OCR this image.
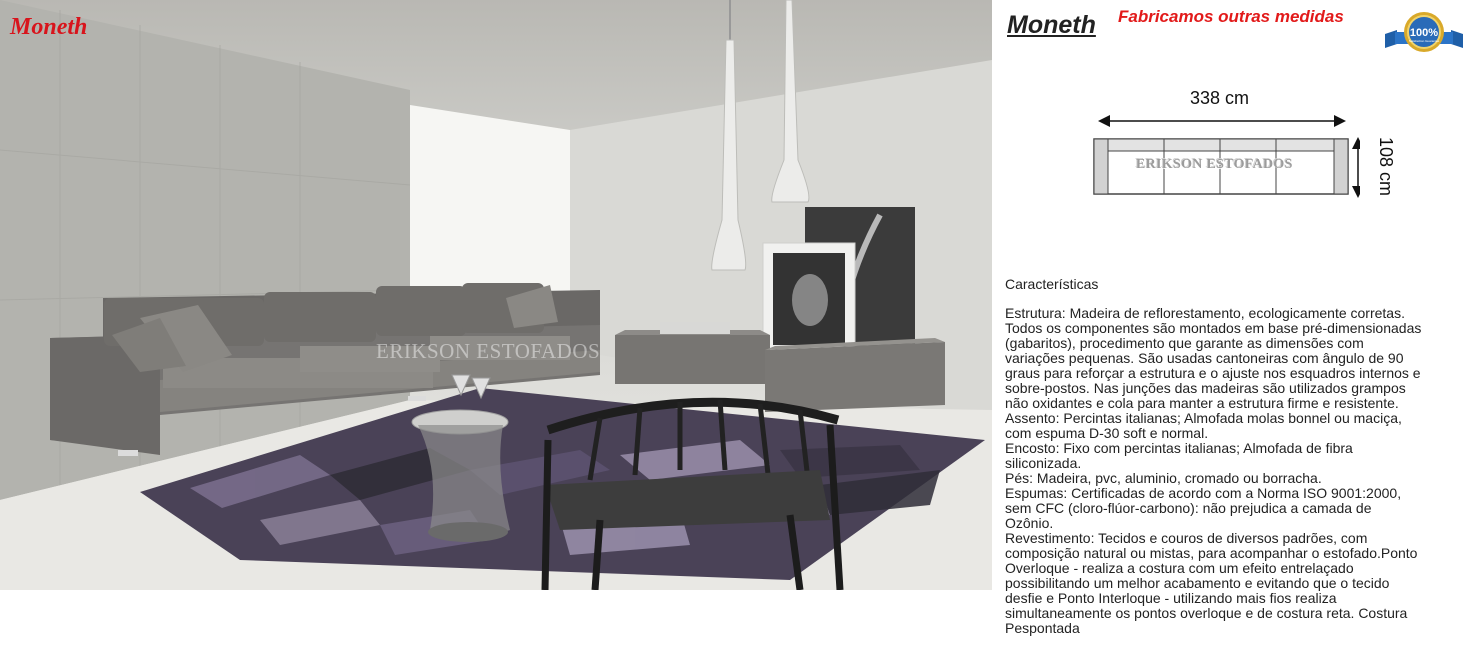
Moneth
ERIKSON ESTOFADOS
Moneth Fabricamos outras medidas
100%
Satisfaction Guarantee
338 cm
108 cm
ERIKSON ESTOFADOS
Características
Estrutura: Madeira de reflorestamento, ecologicamente corretas.
Todos os componentes são montados em base pré-dimensionadas
(gabaritos), procedimento que garante as dimensões com
variações pequenas. São usadas cantoneiras com ângulo de 90
graus para reforçar a estrutura e o ajuste nos esquadros internos e
sobre-postos. Nas junções das madeiras são utilizados grampos
não oxidantes e cola para manter a estrutura firme e resistente.
Assento: Percintas italianas; Almofada molas bonnel ou maciça,
com espuma D-30 soft e normal.
Encosto: Fixo com percintas italianas; Almofada de fibra
siliconizada.
Pés: Madeira, pvc, aluminio, cromado ou borracha.
Espumas: Certificadas de acordo com a Norma ISO 9001:2000,
sem CFC (cloro-flúor-carbono): não prejudica a camada de
Ozônio.
Revestimento: Tecidos e couros de diversos padrões, com
composição natural ou mistas, para acompanhar o estofado.Ponto
Overloque - realiza a costura com um efeito entrelaçado
possibilitando um melhor acabamento e evitando que o tecido
desfie e Ponto Interloque - utilizando mais fios realiza
simultaneamente os pontos overloque e de costura reta. Costura
Pespontada
